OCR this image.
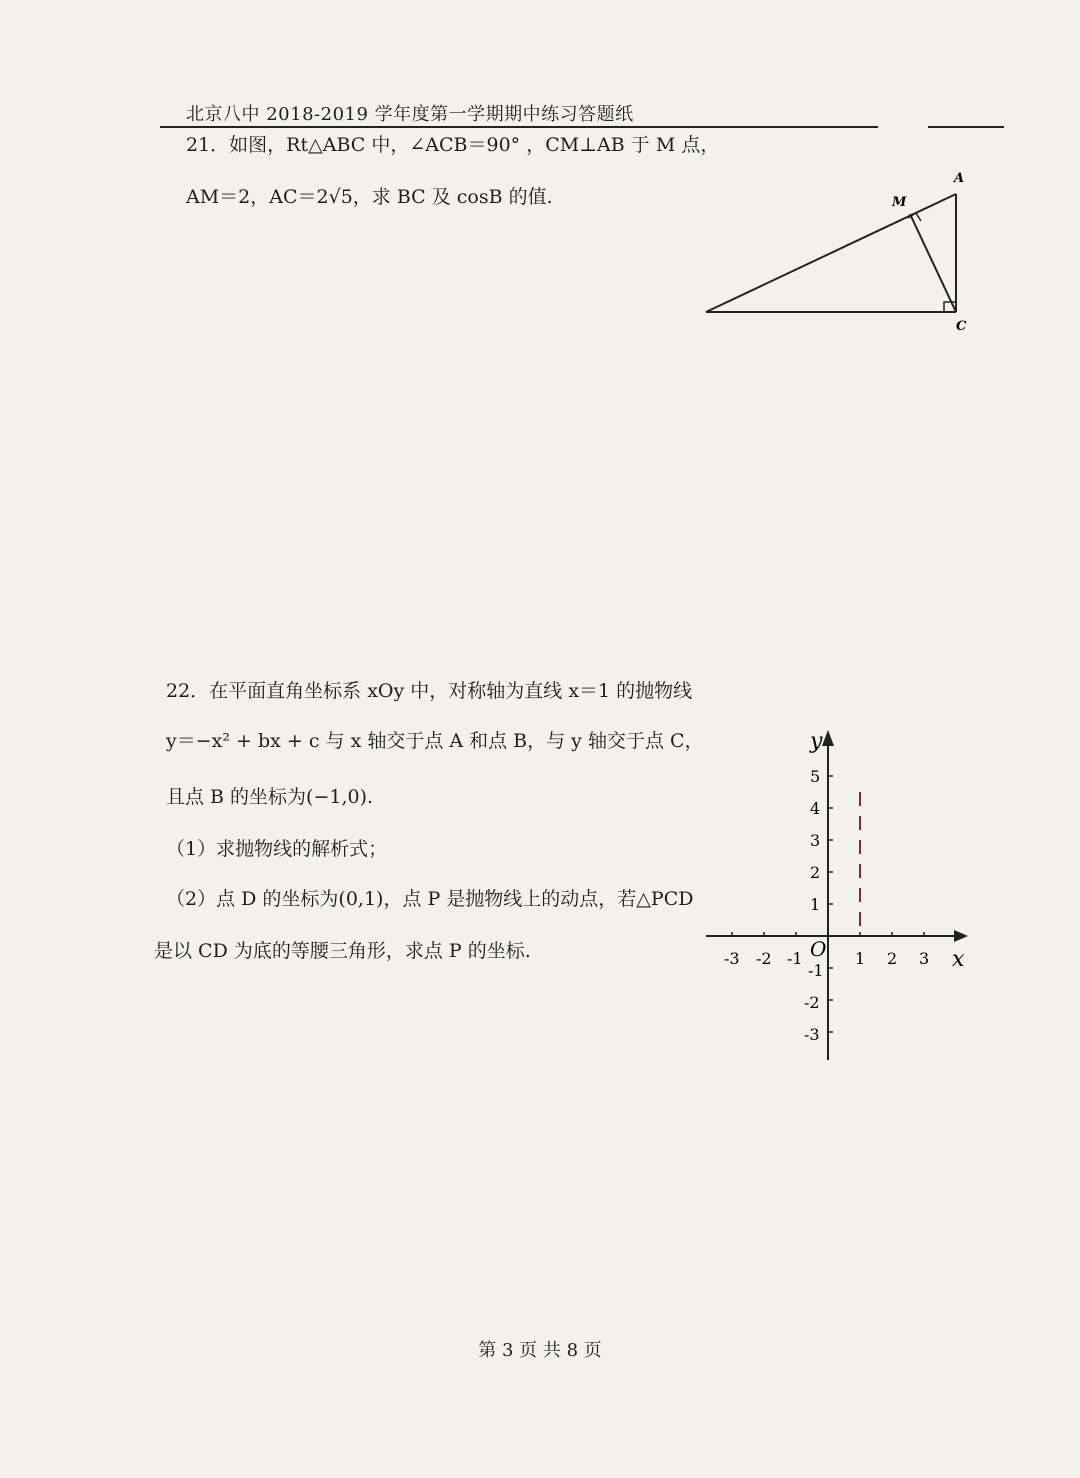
北京八中 2018-2019 学年度第一学期期中练习答题纸
21．如图，Rt△ABC 中，∠ACB＝90° ，CM⊥AB 于 M 点，
AM＝2，AC＝2√5，求 BC 及 cosB 的值.
A
M
C
22．在平面直角坐标系 xOy 中，对称轴为直线 x＝1 的抛物线
y＝−x² + bx + c 与 x 轴交于点 A 和点 B，与 y 轴交于点 C，
且点 B 的坐标为(−1,0).
（1）求抛物线的解析式；
（2）点 D 的坐标为(0,1)，点 P 是抛物线上的动点，若△PCD
是以 CD 为底的等腰三角形，求点 P 的坐标.	-3 -2 -1	1 2 3
5
4
3
2
1
-1
-2
-3
O	x
y
第 3 页 共 8 页
